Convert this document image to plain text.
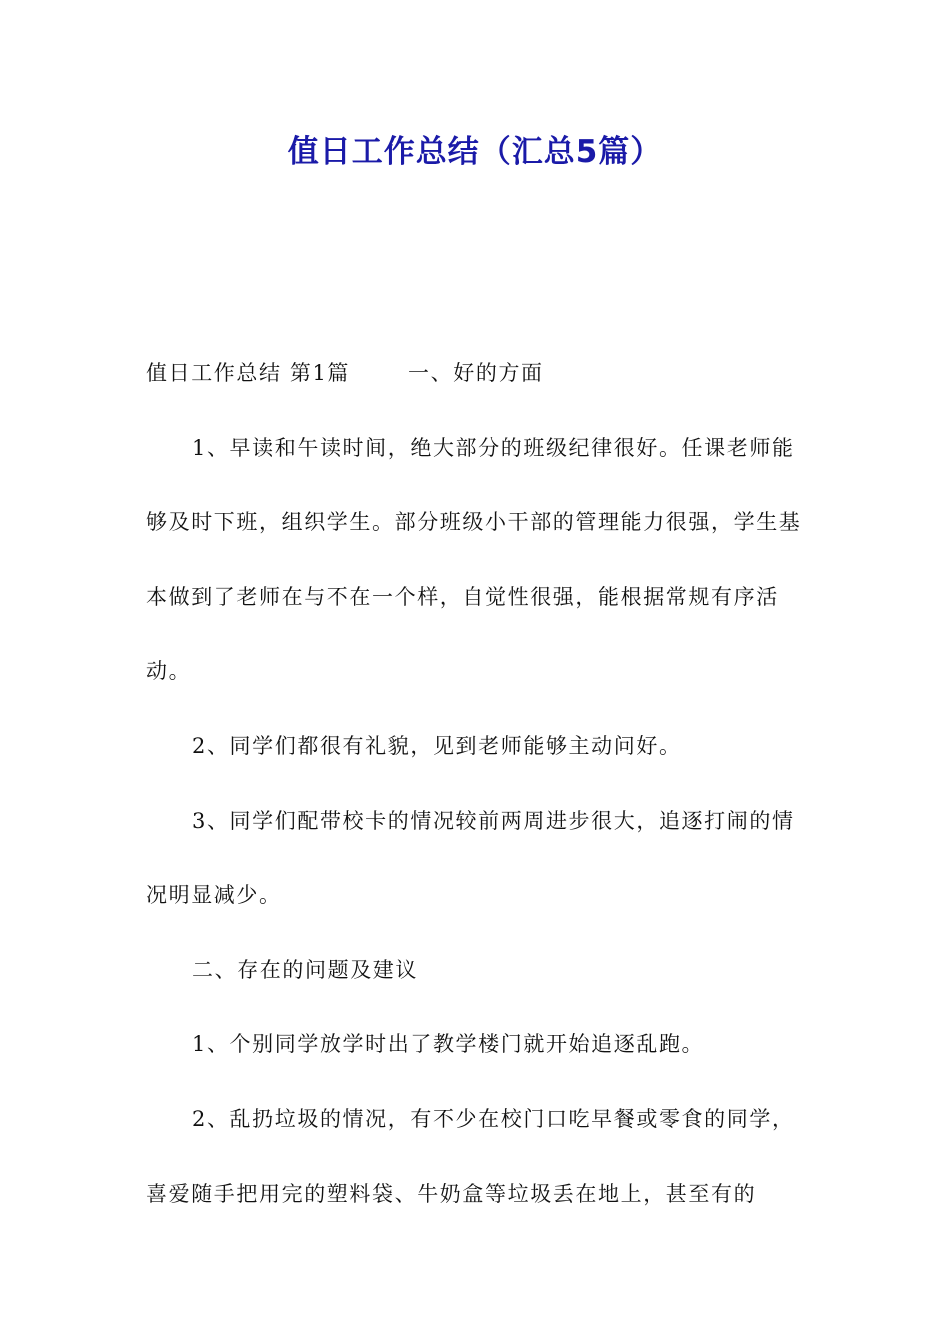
值日工作总结（汇总5篇）

值日工作总结 第1篇	一、好的方面

1、早读和午读时间，绝大部分的班级纪律很好。任课老师能够及时下班，组织学生。部分班级小干部的管理能力很强，学生基本做到了老师在与不在一个样，自觉性很强，能根据常规有序活动。

2、同学们都很有礼貌，见到老师能够主动问好。

3、同学们配带校卡的情况较前两周进步很大，追逐打闹的情况明显减少。

二、存在的问题及建议

1、个别同学放学时出了教学楼门就开始追逐乱跑。

2、乱扔垃圾的情况，有不少在校门口吃早餐或零食的同学，喜爱随手把用完的塑料袋、牛奶盒等垃圾丢在地上，甚至有的
